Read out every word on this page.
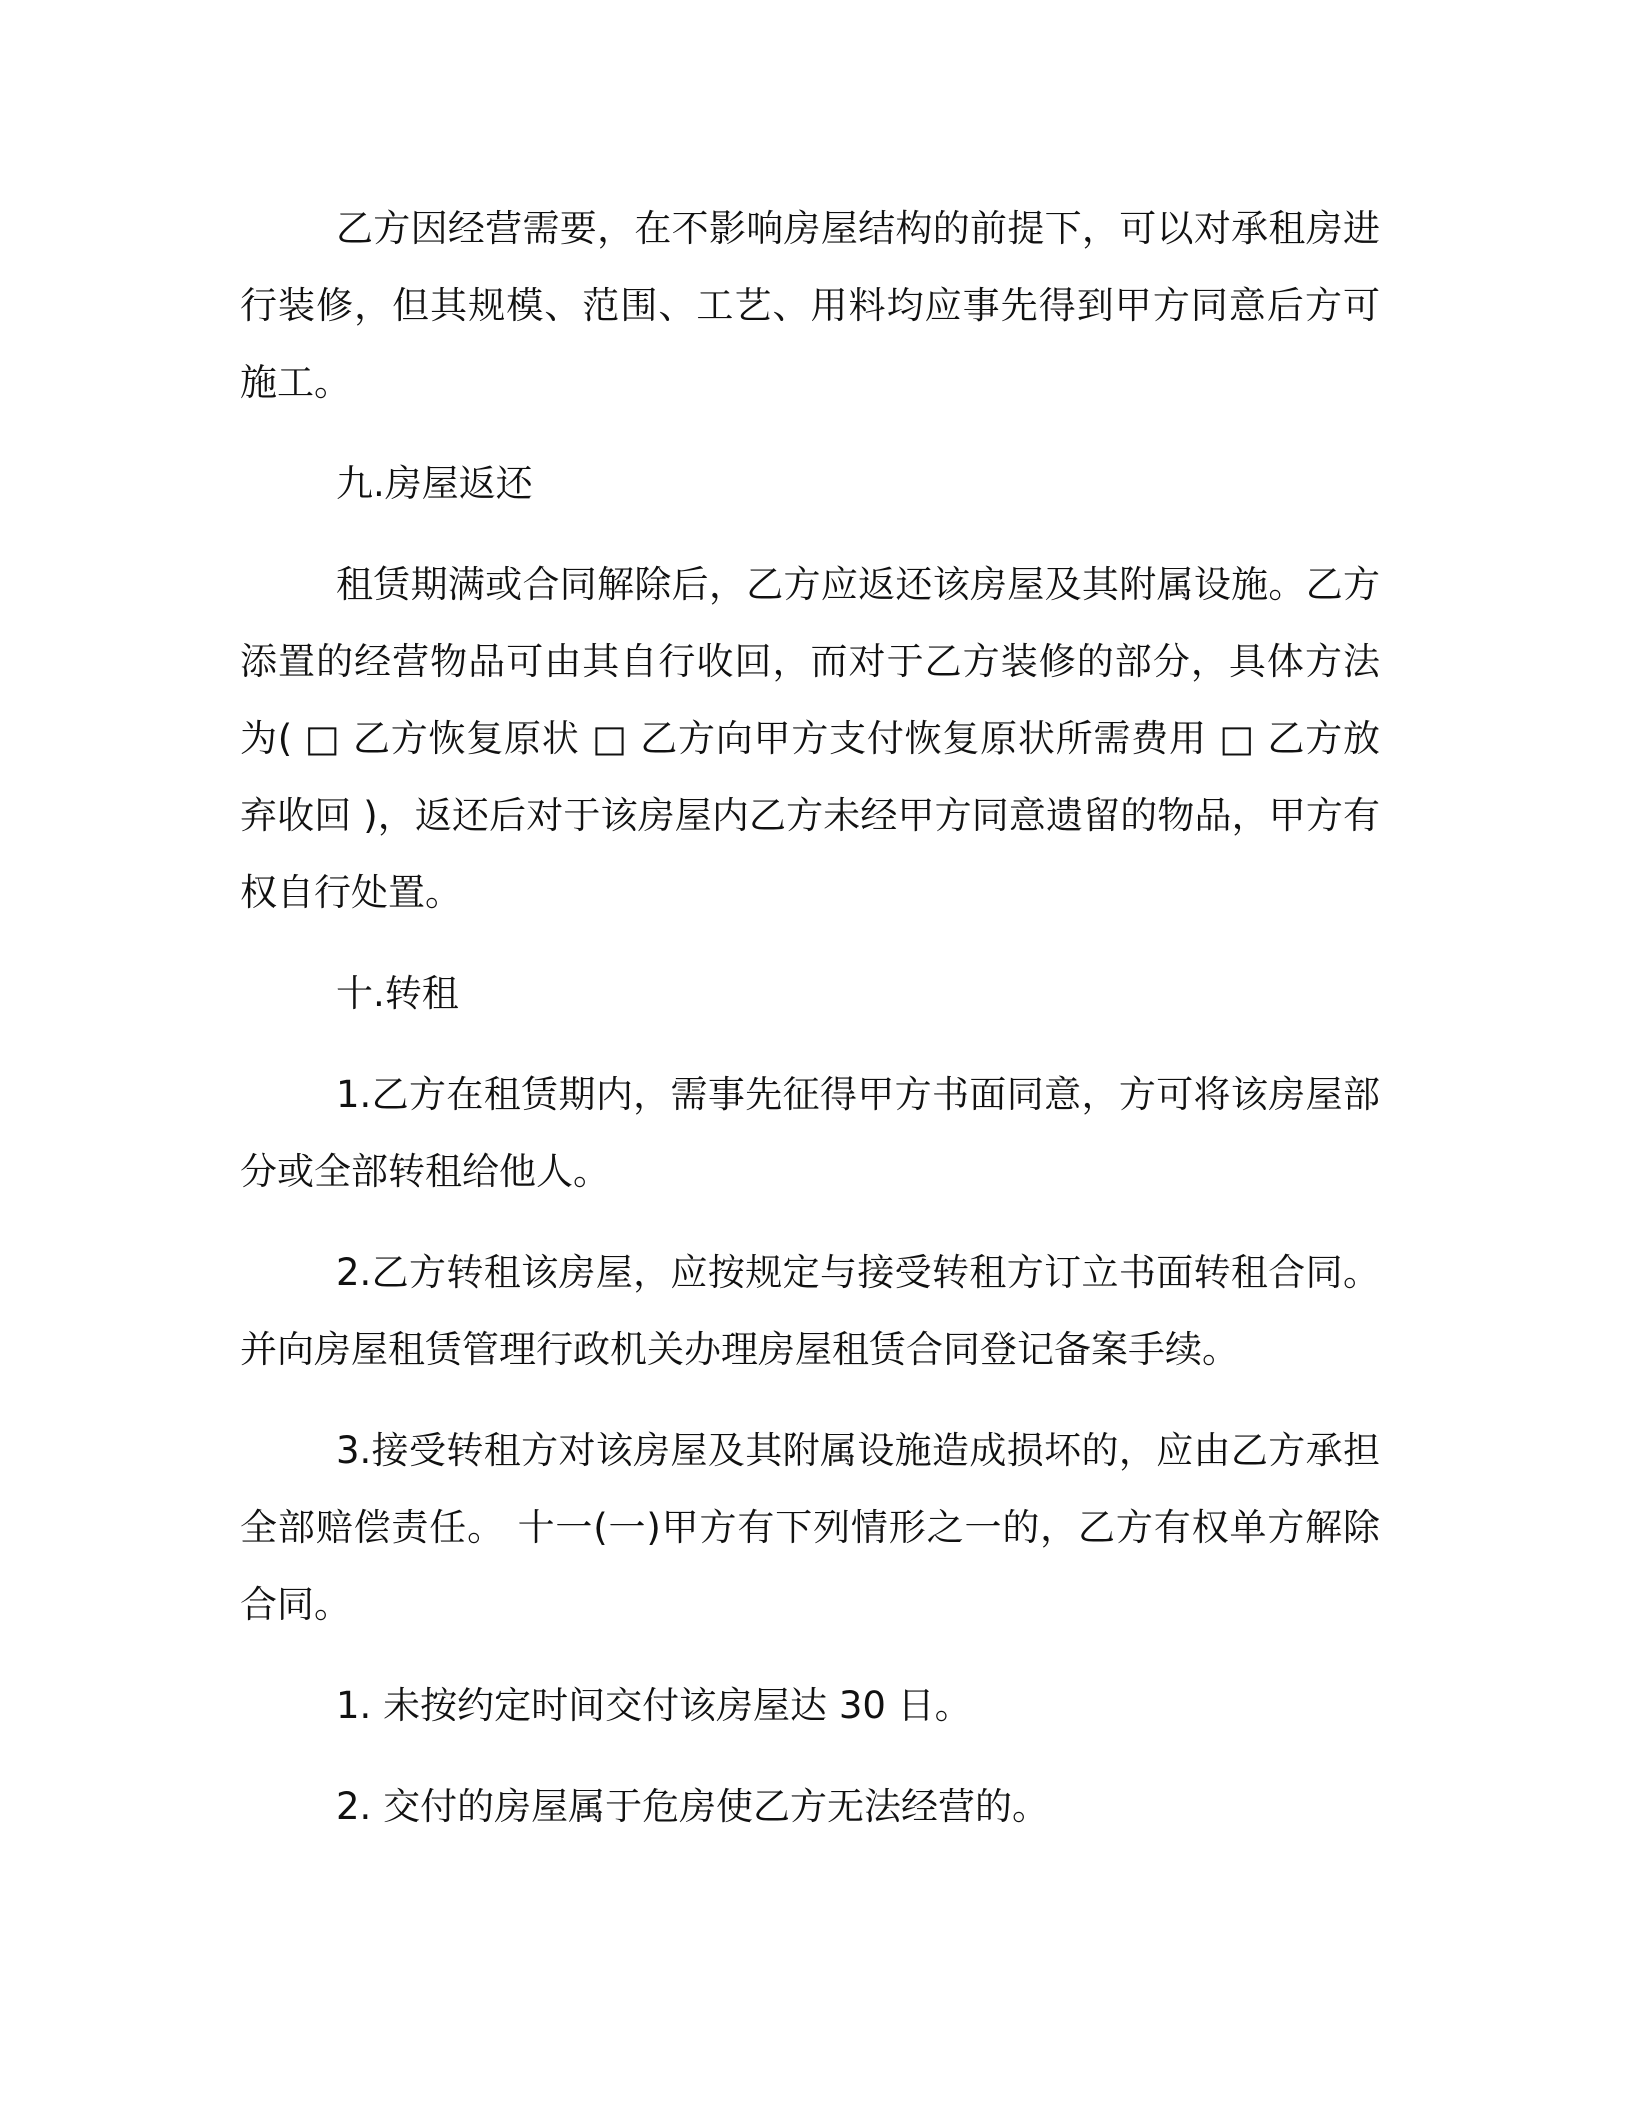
乙方因经营需要，在不影响房屋结构的前提下，可以对承租房进行装修，但其规模、范围、工艺、用料均应事先得到甲方同意后方可施工。

九.房屋返还

租赁期满或合同解除后，乙方应返还该房屋及其附属设施。乙方添置的经营物品可由其自行收回，而对于乙方装修的部分，具体方法为( □ 乙方恢复原状 □ 乙方向甲方支付恢复原状所需费用 □ 乙方放弃收回 )，返还后对于该房屋内乙方未经甲方同意遗留的物品，甲方有权自行处置。

十.转租

1.乙方在租赁期内，需事先征得甲方书面同意，方可将该房屋部分或全部转租给他人。

2.乙方转租该房屋，应按规定与接受转租方订立书面转租合同。并向房屋租赁管理行政机关办理房屋租赁合同登记备案手续。

3.接受转租方对该房屋及其附属设施造成损坏的，应由乙方承担全部赔偿责任。 十一(一)甲方有下列情形之一的，乙方有权单方解除合同。

1. 未按约定时间交付该房屋达 30 日。

2. 交付的房屋属于危房使乙方无法经营的。
